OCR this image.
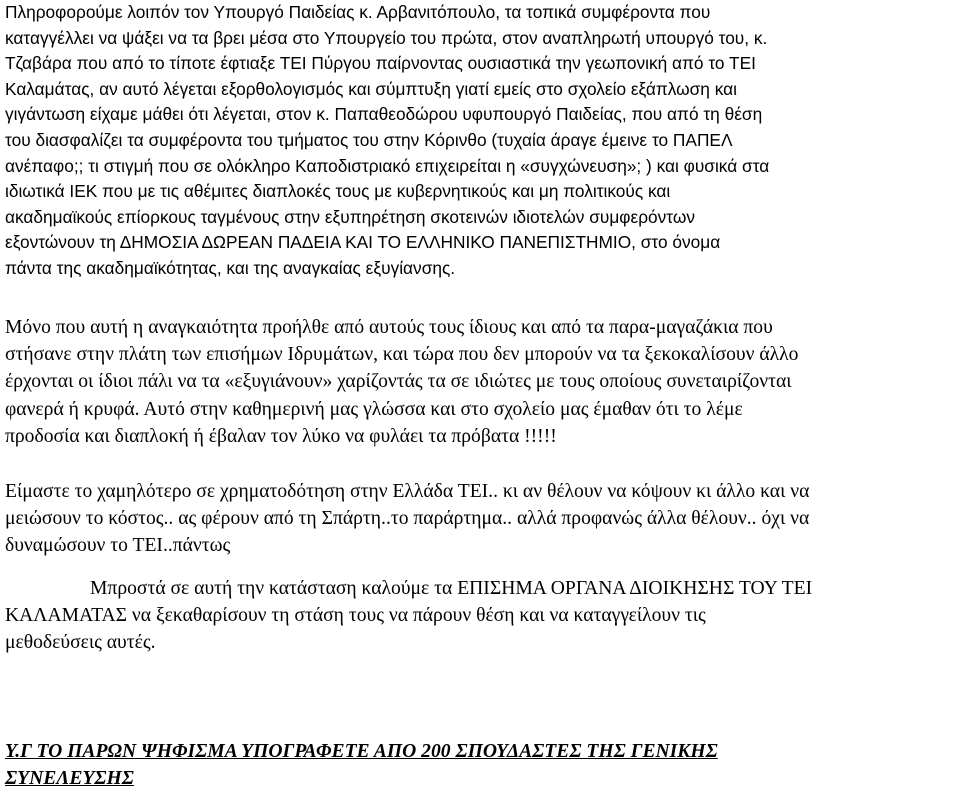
Πληροφορούμε λοιπόν τον Υπουργό Παιδείας κ. Αρβανιτόπουλο, τα τοπικά συμφέροντα που
καταγγέλλει να ψάξει να τα βρει μέσα στο Υπουργείο του πρώτα, στον αναπληρωτή υπουργό του, κ.
Τζαβάρα που από το τίποτε έφτιαξε ΤΕΙ Πύργου παίρνοντας ουσιαστικά την γεωπονική από το ΤΕΙ
Καλαμάτας, αν αυτό λέγεται εξορθολογισμός και σύμπτυξη γιατί εμείς στο σχολείο εξάπλωση και
γιγάντωση είχαμε μάθει ότι λέγεται, στον κ. Παπαθεοδώρου υφυπουργό Παιδείας, που από τη θέση
του διασφαλίζει τα συμφέροντα του τμήματος του στην Κόρινθο (τυχαία άραγε έμεινε το ΠΑΠΕΛ
ανέπαφο;; τι στιγμή που σε ολόκληρο Καποδιστριακό επιχειρείται η «συγχώνευση»; ) και φυσικά στα
ιδιωτικά ΙΕΚ που με τις αθέμιτες διαπλοκές τους με κυβερνητικούς και μη πολιτικούς και
ακαδημαϊκούς επίορκους ταγμένους στην εξυπηρέτηση σκοτεινών ιδιοτελών συμφερόντων
εξοντώνουν τη ΔΗΜΟΣΙΑ ΔΩΡΕΑΝ ΠΑΔΕΙΑ ΚΑΙ ΤΟ ΕΛΛΗΝΙΚΟ ΠΑΝΕΠΙΣΤΗΜΙΟ, στο όνομα
πάντα της ακαδημαϊκότητας, και της αναγκαίας εξυγίανσης.

Μόνο που αυτή η αναγκαιότητα προήλθε από αυτούς τους ίδιους και από τα παρα-μαγαζάκια που
στήσανε στην πλάτη των επισήμων Ιδρυμάτων, και τώρα που δεν μπορούν να τα ξεκοκαλίσουν άλλο
έρχονται οι ίδιοι πάλι να τα «εξυγιάνουν» χαρίζοντάς τα σε ιδιώτες με τους οποίους συνεταιρίζονται
φανερά ή κρυφά. Αυτό στην καθημερινή μας γλώσσα και στο σχολείο μας έμαθαν ότι το λέμε
προδοσία και διαπλοκή ή έβαλαν τον λύκο να φυλάει τα πρόβατα !!!!!

Είμαστε το χαμηλότερο σε χρηματοδότηση στην Ελλάδα ΤΕΙ.. κι αν θέλουν να κόψουν κι άλλο και να
μειώσουν το κόστος.. ας φέρουν από τη Σπάρτη..το παράρτημα.. αλλά προφανώς άλλα θέλουν.. όχι να
δυναμώσουν το ΤΕΙ..πάντως

Μπροστά σε αυτή την κατάσταση καλούμε τα ΕΠΙΣΗΜΑ ΟΡΓΑΝΑ ΔΙΟΙΚΗΣΗΣ ΤΟΥ ΤΕΙ
ΚΑΛΑΜΑΤΑΣ να ξεκαθαρίσουν τη στάση τους να πάρουν θέση και να καταγγείλουν τις
μεθοδεύσεις αυτές.

Υ.Γ ΤΟ ΠΑΡΩΝ ΨΗΦΙΣΜΑ ΥΠΟΓΡΑΦΕΤΕ ΑΠΟ 200 ΣΠΟΥΔΑΣΤΕΣ ΤΗΣ ΓΕΝΙΚΗΣ
ΣΥΝΕΛΕΥΣΗΣ
